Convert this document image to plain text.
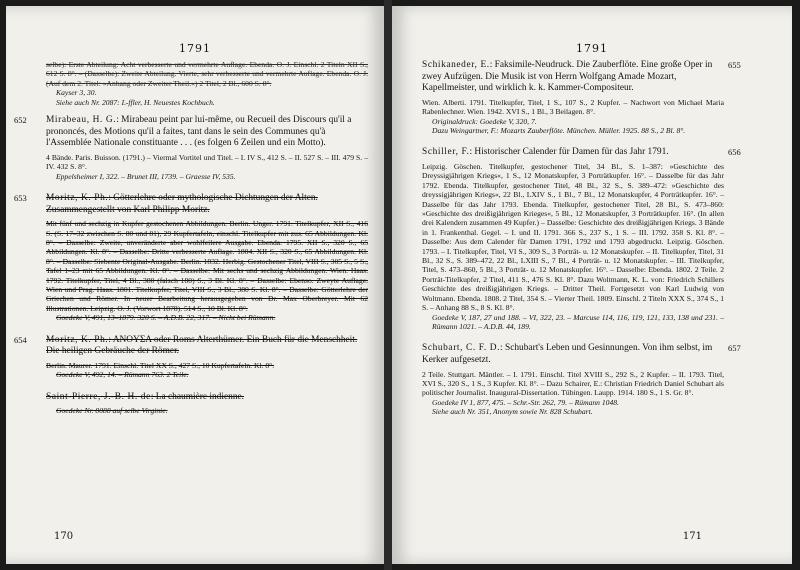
1791

selbe): Erste Abteilung: Acht verbesserte und vermehrte Auflage. Ebenda. O. J. Einschl. 2 Titeln XII S., 612 S. 8°. – (Dasselbe): Zweite Abteilung. Vierte, sehr verbesserte und vermehrte Auflage. Ebenda. O. J. (Auf dem 2. Titel: »Anhang oder Zweiter Theil.«) 2 Titel, 2 Bl., 600 S. 8°.

Kayser 3, 30.

Siehe auch Nr. 2087: L-ffler, H. Neuestes Kochbuch.

652 Mirabeau, H. G.: Mirabeau peint par lui-même, ou Recueil des Discours qu'il a prononcés, des Motions qu'il a faites, tant dans le sein des Communes qu'à l'Assemblée Nationale constituante . . . (es folgen 6 Zeilen und ein Motto).

4 Bände. Paris. Buisson. (1791.) – Viermal Vortitel und Titel. – I. IV S., 412 S. – II. 527 S. – III. 479 S. – IV. 432 S. 8°.

Eppelsheimer I, 322. – Brunet III, 1739. – Graesse IV, 535.

653 Moritz, K. Ph.: Götterlehre oder mythologische Dichtungen der Alten. Zusammengestellt von Karl Philipp Moritz.

Mit fünf und sechzig in Kupfer gestochenen Abbildungen. Berlin. Unger. 1791. Titelkupfer, XII S., 416 S. (S. 17–32 zwischen S. 80 und 81), 29 Kupfertafeln, einschl. Titelkupfer mit zus. 65 Abbildungen. Kl. 8°. – Dasselbe: Zweite, unveränderte aber wohlfeilere Ausgabe. Ebenda. 1795. XII S., 320 S., 65 Abbildungen. Kl. 8°. – Dasselbe: Dritte verbesserte Auflage. 1804. XII S., 320 S., 65 Abbildungen. Kl. 8°. – Dasselbe: Siebente Original-Ausgabe. Berlin. 1832. Herbig. Gestochener Titel, VIII S., 305 S., 5 S., Tafel 1–23 mit 65 Abbildungen. Kl. 8°. – Dasselbe: Mit sechs und sechzig Abbildungen. Wien. Haas. 1792. Titelkupfer, Titel, 4 Bl., 380 (falsch 180) S., 3 Bl. Kl. 8°. – Dasselbe: Ebenso. Zweyte Auflage. Wien und Prag. Haas. 1801. Titelkupfer, Titel, VIII S., 3 Bl., 380 S. Kl. 8°. – Dasselbe: Götterlehre der Griechen und Römer. In neuer Bearbeitung herausgegeben von Dr. Max Oberbreyer. Mit 62 Illustrationen. Leipzig. O. J. (Vorwort 1878). 514 S., 10 Bl. Kl. 8°.

Goedeke V, 491, 13–1879. 320 S. – A.D.B. 22, 317. – Nicht bei Rümann.

654 Moritz, K. Ph.: ANOYΣA oder Roms Alterthümer. Ein Buch für die Menschheit. Die heiligen Gebräuche der Römer.

Berlin. Maurer. 1791. Einschl. Titel XX S., 427 S., 10 Kupfertafeln. Kl. 8°.

Goedeke V, 492, 14. – Rümann 763. 2 Teile.

Saint-Pierre, J.-B. H. de: La chaumière indienne.

Goedeke Nr. 8088 auf selbe Virginie.

170
1791
655
Schikaneder, E.: Faksimile-Neudruck. Die Zauberflöte. Eine große Oper in zwey Aufzügen. Die Musik ist von Herrn Wolfgang Amade Mozart, Kapellmeister, und wirklich k. k. Kammer-Compositeur.

Wien. Alberti. 1791. Titelkupfer, Titel, 1 S., 107 S., 2 Kupfer. – Nachwort von Michael Maria Rabenlechner. Wien. 1942. XVI S., 1 Bl., 3 Beilagen. 8°.

Originaldruck: Goedeke V, 320, 7.

Dazu Weingartner, F.: Mozarts Zauberflöte. München. Müller. 1925. 88 S., 2 Bl. 8°.

656
Schiller, F.: Historischer Calender für Damen für das Jahr 1791.

Leipzig. Göschen. Titelkupfer, gestochener Titel, 34 Bl., S. 1–387: »Geschichte des Dreyssigjährigen Kriegs«, 1 S., 12 Monatskupfer, 3 Porträtkupfer. 16°. – Dasselbe für das Jahr 1792. Ebenda. Titelkupfer, gestochener Titel, 48 Bl., 32 S., S. 389–472: »Geschichte des dreyssigjährigen Kriegs«, 22 Bl., LXIV S., 1 Bl., 7 Bl., 12 Monatskupfer, 4 Porträtkupfer. 16°. – Dasselbe für das Jahr 1793. Ebenda. Titelkupfer, gestochener Titel, 28 Bl., S. 473–860: »Geschichte des dreißigjährigen Krieges«, 5 Bl., 12 Monatskupfer, 3 Porträtkupfer. 16°. (In allen drei Kalendern zusammen 49 Kupfer.) – Dasselbe: Geschichte des dreißigjährigen Kriegs. 3 Bände in 1. Frankenthal. Gegel. – I. und II. 1791. 366 S., 237 S., 1 S. – III. 1792. 358 S. Kl. 8°. – Dasselbe: Aus dem Calender für Damen 1791, 1792 und 1793 abgedruckt. Leipzig. Göschen. 1793. – I. Titelkupfer, Titel, VI S., 309 S., 3 Porträt- u. 12 Monatskupfer. – II. Titelkupfer, Titel, 31 Bl., 32 S., S. 389–472, 22 Bl., LXIII S., 7 Bl., 4 Porträt- u. 12 Monatskupfer. – III. Titelkupfer, Titel, S. 473–860, 5 Bl., 3 Porträt- u. 12 Monatskupfer. 16°. – Dasselbe: Ebenda. 1802. 2 Teile. 2 Porträt-Titelkupfer, 2 Titel, 411 S., 476 S. Kl. 8°. Dazu Woltmann, K. L. von: Friedrich Schillers Geschichte des dreißigjährigen Kriegs. – Dritter Theil. Fortgesetzt von Karl Ludwig von Woltmann. Ebenda. 1808. 2 Titel, 354 S. – Vierter Theil. 1809. Einschl. 2 Titeln XXX S., 374 S., 1 S. – Anhang 88 S., 8 S. Kl. 8°.

Goedeke V, 187, 27 und 188. – VI, 322, 23. – Marcuse 114, 116, 119, 121, 133, 138 und 231. – Rümann 1021. – A.D.B. 44, 189.

657
Schubart, C. F. D.: Schubart's Leben und Gesinnungen. Von ihm selbst, im Kerker aufgesetzt.

2 Teile. Stuttgart. Mäntler. – I. 1791. Einschl. Titel XVIII S., 292 S., 2 Kupfer. – II. 1793. Titel, XVI S., 320 S., 1 S., 3 Kupfer. Kl. 8°. – Dazu Schairer, E.: Christian Friedrich Daniel Schubart als politischer Journalist. Inaugural-Dissertation. Tübingen. Laupp. 1914. 180 S., 1 S. Gr. 8°.

Goedeke IV 1, 877, 475. – Schr.-Str. 262, 79. – Rümann 1048.

Siehe auch Nr. 351, Anonym sowie Nr. 828 Schubart.

171
